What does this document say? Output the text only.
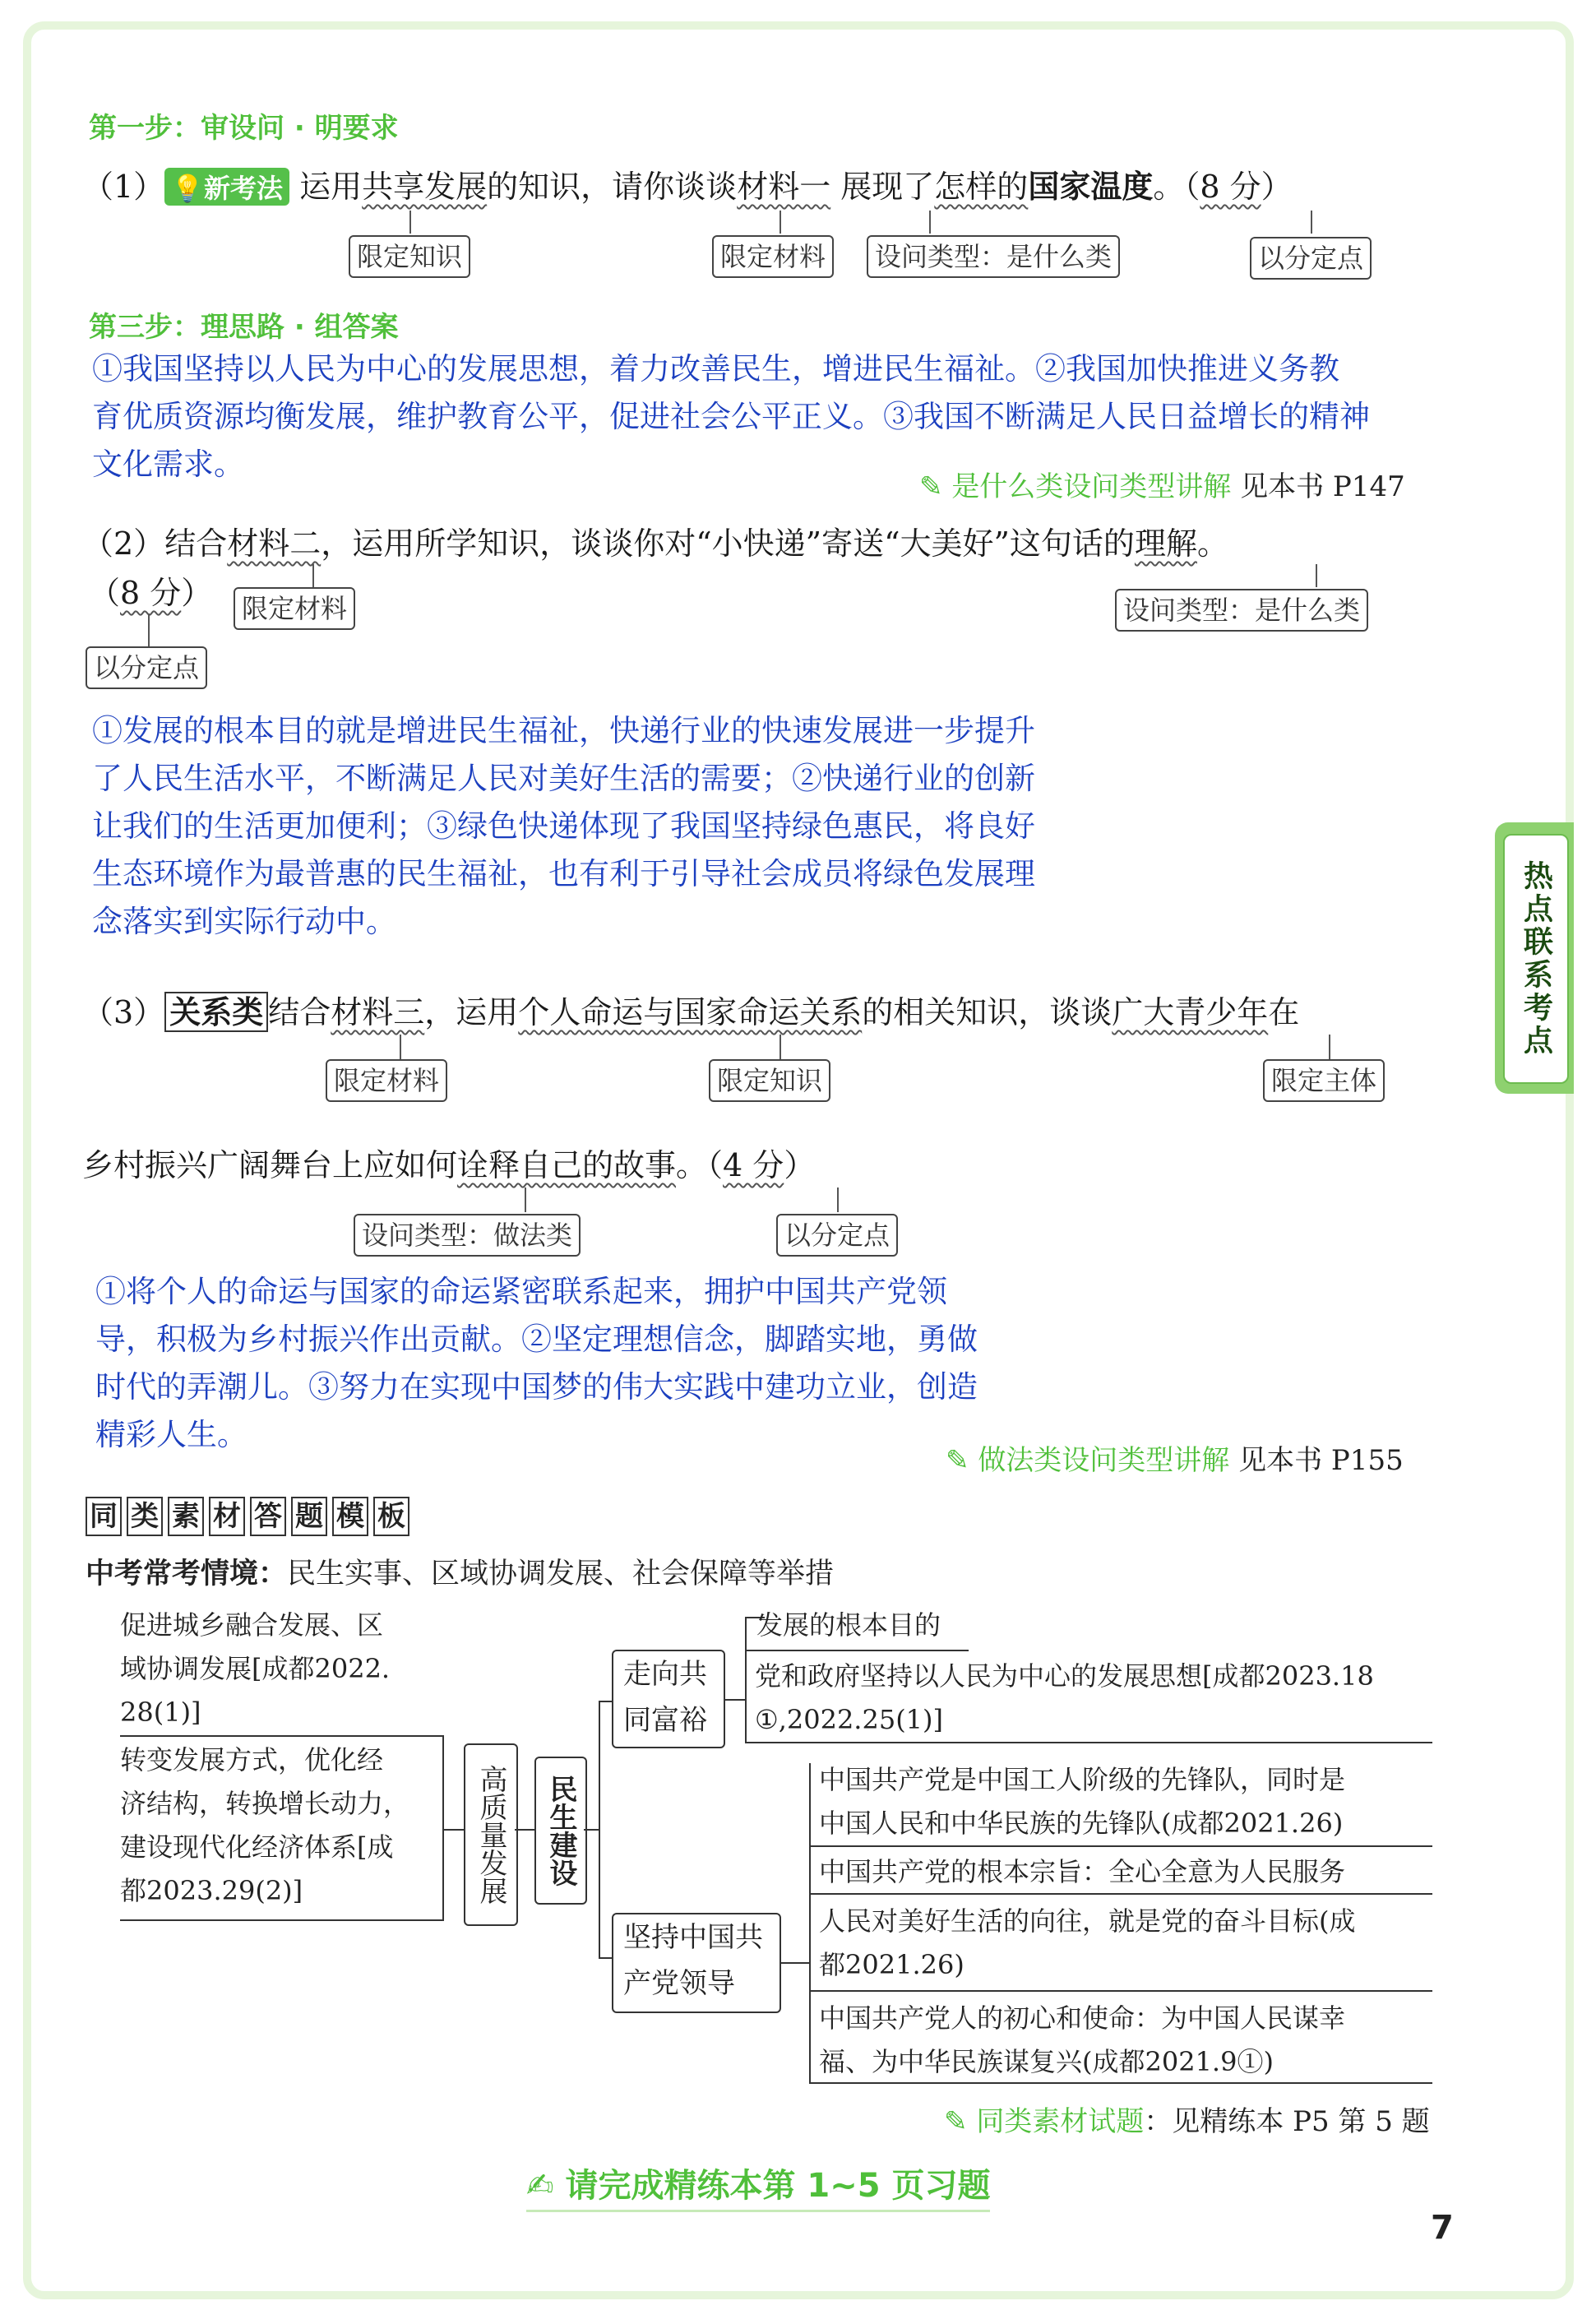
第一步：审设问 · 明要求
（1） 💡新考法 运用共享发展的知识，请你谈谈材料一 展现了怎样的国家温度。（8 分）
限定知识	限定材料	设问类型：是什么类	以分定点
第三步：理思路 · 组答案
①我国坚持以人民为中心的发展思想，着力改善民生，增进民生福祉。②我国加快推进义务教
育优质资源均衡发展，维护教育公平，促进社会公平正义。③我国不断满足人民日益增长的精神
文化需求。
✎ 是什么类设问类型讲解 见本书 P147
（2）结合材料二，运用所学知识，谈谈你对“小快递”寄送“大美好”这句话的理解。
（8 分）	限定材料	设问类型：是什么类
以分定点
①发展的根本目的就是增进民生福祉，快递行业的快速发展进一步提升
了人民生活水平，不断满足人民对美好生活的需要；②快递行业的创新
让我们的生活更加便利；③绿色快递体现了我国坚持绿色惠民，将良好
生态环境作为最普惠的民生福祉，也有利于引导社会成员将绿色发展理
念落实到实际行动中。
（3） 关系类 结合材料三，运用个人命运与国家命运关系的相关知识，谈谈广大青少年在
限定材料	限定知识	限定主体
乡村振兴广阔舞台上应如何诠释自己的故事。（4 分）
设问类型：做法类	以分定点
①将个人的命运与国家的命运紧密联系起来，拥护中国共产党领
导，积极为乡村振兴作出贡献。②坚定理想信念，脚踏实地，勇做
时代的弄潮儿。③努力在实现中国梦的伟大实践中建功立业，创造
精彩人生。
✎ 做法类设问类型讲解 见本书 P155
同 类 素 材 答 题 模 板
中考常考情境：民生实事、区域协调发展、社会保障等举措
促进城乡融合发展、区
域协调发展[成都2022.
28(1)]
转变发展方式，优化经
济结构，转换增长动力，
建设现代化经济体系[成
都2023.29(2)]	高质量发展	民生建设
走向共
同富裕
发展的根本目的
党和政府坚持以人民为中心的发展思想[成都2023.18
①,2022.25(1)]
坚持中国共
产党领导
中国共产党是中国工人阶级的先锋队，同时是
中国人民和中华民族的先锋队(成都2021.26)
中国共产党的根本宗旨：全心全意为人民服务
人民对美好生活的向往，就是党的奋斗目标(成
都2021.26)
中国共产党人的初心和使命：为中国人民谋幸
福、为中华民族谋复兴(成都2021.9①)
✎ 同类素材试题：见精练本 P5 第 5 题
✍ 请完成精练本第 1~5 页习题
7
热点联系考点
